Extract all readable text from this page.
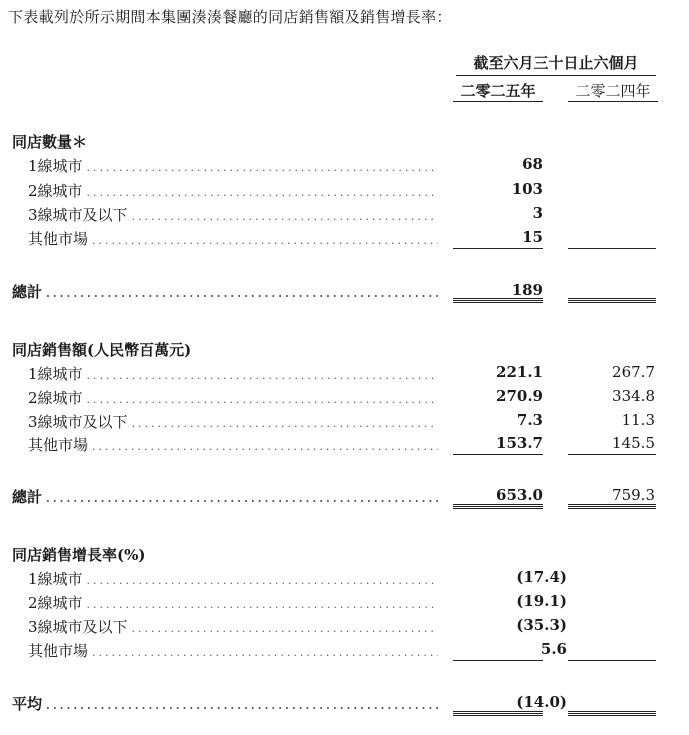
下表載列於所示期間本集團湊湊餐廳的同店銷售額及銷售增長率：
截至六月三十日止六個月
二零二五年	二零二四年
同店數量＊
1線城市 .....	68
2線城市 .....	103
3線城市及以下 .....	3
其他市場 .....	15
總計 .....	189
同店銷售額(人民幣百萬元)
1線城市 .....	221.1	267.7
2線城市 .....	270.9	334.8
3線城市及以下 .....	7.3	11.3
其他市場 .....	153.7	145.5
總計 .....	653.0	759.3
同店銷售增長率(%)
1線城市 .....	(17.4)
2線城市 .....	(19.1)
3線城市及以下 .....	(35.3)
其他市場 .....	5.6
平均 .....	(14.0)
